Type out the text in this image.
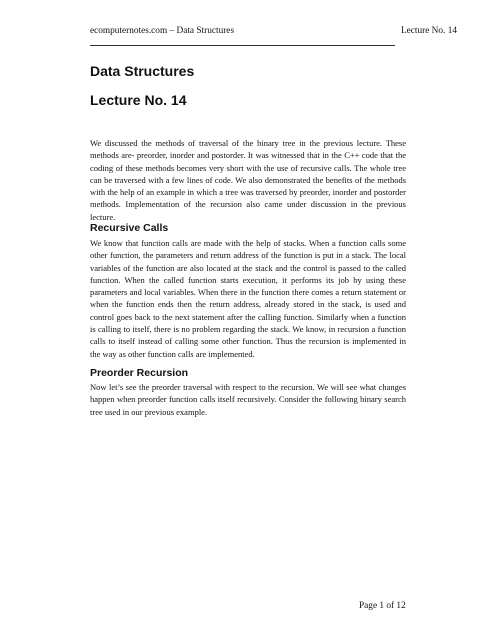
ecomputernotes.com – Data Structures	Lecture No. 14
Data Structures
Lecture No. 14

We discussed the methods of traversal of the binary tree in the previous lecture. These methods are- preorder, inorder and postorder. It was witnessed that in the C++ code that the coding of these methods becomes very short with the use of recursive calls. The whole tree can be traversed with a few lines of code. We also demonstrated the benefits of the methods with the help of an example in which a tree was traversed by preorder, inorder and postorder methods. Implementation of the recursion also came under discussion in the previous lecture.

Recursive Calls

We know that function calls are made with the help of stacks. When a function calls some other function, the parameters and return address of the function is put in a stack. The local variables of the function are also located at the stack and the control is passed to the called function. When the called function starts execution, it performs its job by using these parameters and local variables. When there in the function there comes a return statement or when the function ends then the return address, already stored in the stack, is used and control goes back to the next statement after the calling function. Similarly when a function is calling to itself, there is no problem regarding the stack. We know, in recursion a function calls to itself instead of calling some other function. Thus the recursion is implemented in the way as other function calls are implemented.

Preorder Recursion

Now let’s see the preorder traversal with respect to the recursion. We will see what changes happen when preorder function calls itself recursively. Consider the following binary search tree used in our previous example.

Page 1 of 12
